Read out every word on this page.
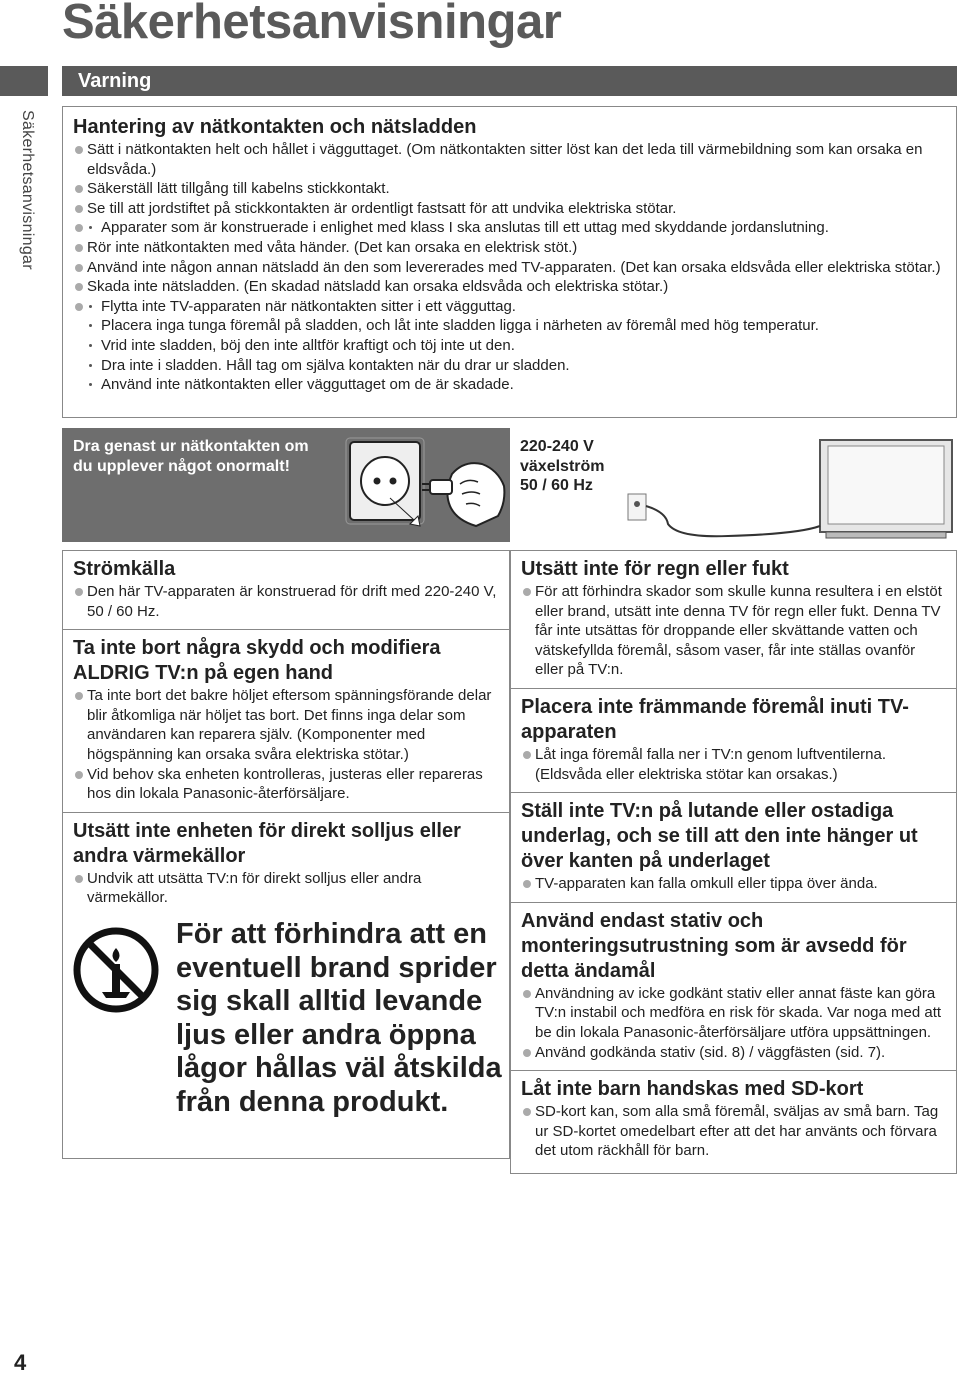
Säkerhetsanvisningar
Varning
Säkerhetsanvisningar Hantering av nätkontakten och nätsladden
Sätt i nätkontakten helt och hållet i vägguttaget. (Om nätkontakten sitter löst kan det leda till värmebildning som kan orsaka en eldsvåda.)
Säkerställ lätt tillgång till kabelns stickkontakt.
Se till att jordstiftet på stickkontakten är ordentligt fastsatt för att undvika elektriska stötar.
Apparater som är konstruerade i enlighet med klass I ska anslutas till ett uttag med skyddande jordanslutning.
Rör inte nätkontakten med våta händer. (Det kan orsaka en elektrisk stöt.)
Använd inte någon annan nätsladd än den som levererades med TV-apparaten. (Det kan orsaka eldsvåda eller elektriska stötar.)
Skada inte nätsladden. (En skadad nätsladd kan orsaka eldsvåda och elektriska stötar.)
Flytta inte TV-apparaten när nätkontakten sitter i ett vägguttag.
Placera inga tunga föremål på sladden, och låt inte sladden ligga i närheten av föremål med hög temperatur.
Vrid inte sladden, böj den inte alltför kraftigt och töj inte ut den.
Dra inte i sladden. Håll tag om själva kontakten när du drar ur sladden.
Använd inte nätkontakten eller vägguttaget om de är skadade.
Dra genast ur nätkontakten om
du upplever något onormalt!
220-240 V
växelström
50 / 60 Hz
Strömkälla
Den här TV-apparaten är konstruerad för drift med 220-240 V, 50 / 60 Hz.
Ta inte bort några skydd och modifiera ALDRIG TV:n på egen hand
Ta inte bort det bakre höljet eftersom spänningsförande delar blir åtkomliga när höljet tas bort. Det finns inga delar som användaren kan reparera själv. (Komponenter med högspänning kan orsaka svåra elektriska stötar.)
Vid behov ska enheten kontrolleras, justeras eller repareras hos din lokala Panasonic-återförsäljare.
Utsätt inte enheten för direkt solljus eller andra värmekällor
Undvik att utsätta TV:n för direkt solljus eller andra värmekällor.
För att förhindra att en eventuell brand sprider sig skall alltid levande ljus eller andra öppna lågor hållas väl åtskilda från denna produkt.
Utsätt inte för regn eller fukt
För att förhindra skador som skulle kunna resultera i en elstöt eller brand, utsätt inte denna TV för regn eller fukt. Denna TV får inte utsättas för droppande eller skvättande vatten och vätskefyllda föremål, såsom vaser, får inte ställas ovanför eller på TV:n.
Placera inte främmande föremål inuti TV-apparaten
Låt inga föremål falla ner i TV:n genom luftventilerna. (Eldsvåda eller elektriska stötar kan orsakas.)
Ställ inte TV:n på lutande eller ostadiga underlag, och se till att den inte hänger ut över kanten på underlaget
TV-apparaten kan falla omkull eller tippa över ända.
Använd endast stativ och monteringsutrustning som är avsedd för detta ändamål
Användning av icke godkänt stativ eller annat fäste kan göra TV:n instabil och medföra en risk för skada. Var noga med att be din lokala Panasonic-återförsäljare utföra uppsättningen.
Använd godkända stativ (sid. 8) / väggfästen (sid. 7).
Låt inte barn handskas med SD-kort
SD-kort kan, som alla små föremål, sväljas av små barn. Tag ur SD-kortet omedelbart efter att det har använts och förvara det utom räckhåll för barn.
4
